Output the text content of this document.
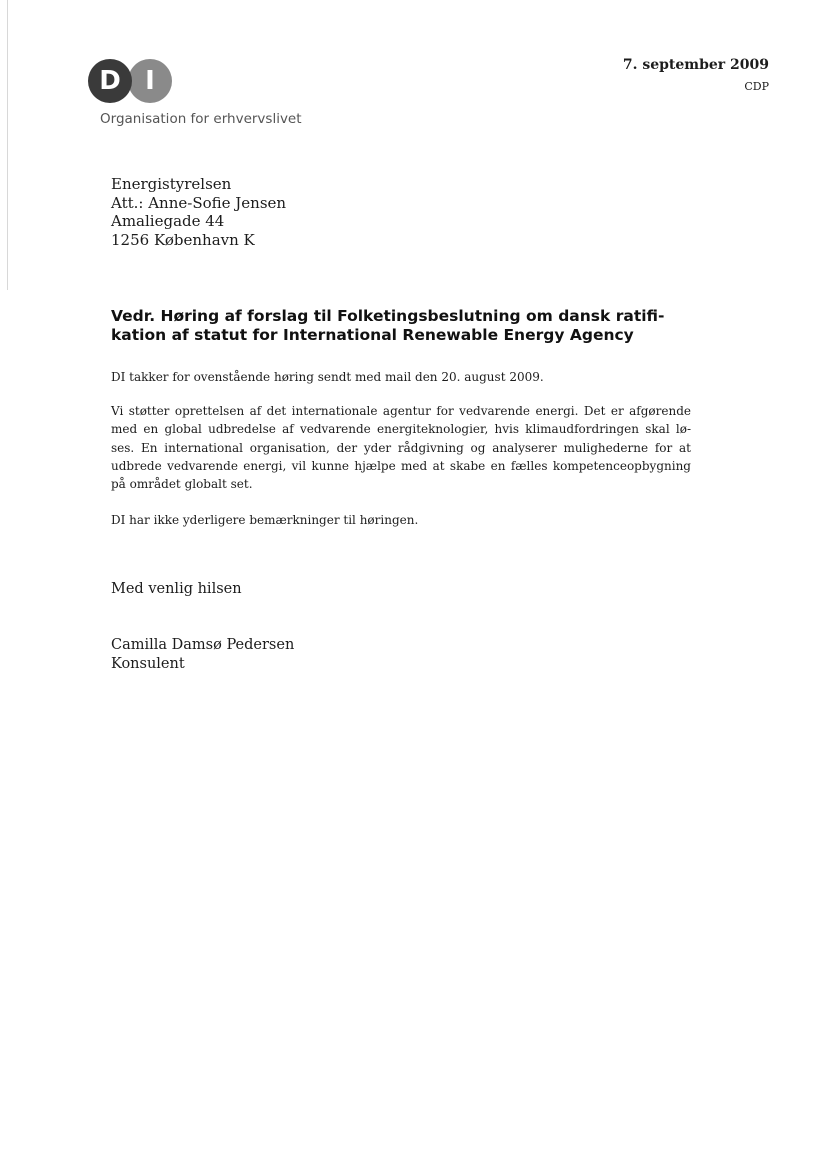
D I
Organisation for erhvervslivet
7. september 2009
CDP
Energistyrelsen
Att.: Anne-Sofie Jensen
Amaliegade 44
1256 København K
Vedr. Høring af forslag til Folketingsbeslutning om dansk ratifi-
kation af statut for International Renewable Energy Agency
DI takker for ovenstående høring sendt med mail den 20. august 2009.
Vi støtter oprettelsen af det internationale agentur for vedvarende energi. Det er afgørende
med en global udbredelse af vedvarende energiteknologier, hvis klimaudfordringen skal lø-
ses. En international organisation, der yder rådgivning og analyserer mulighederne for at
udbrede vedvarende energi, vil kunne hjælpe med at skabe en fælles kompetenceopbygning
på området globalt set.
DI har ikke yderligere bemærkninger til høringen.
Med venlig hilsen
Camilla Damsø Pedersen
Konsulent
